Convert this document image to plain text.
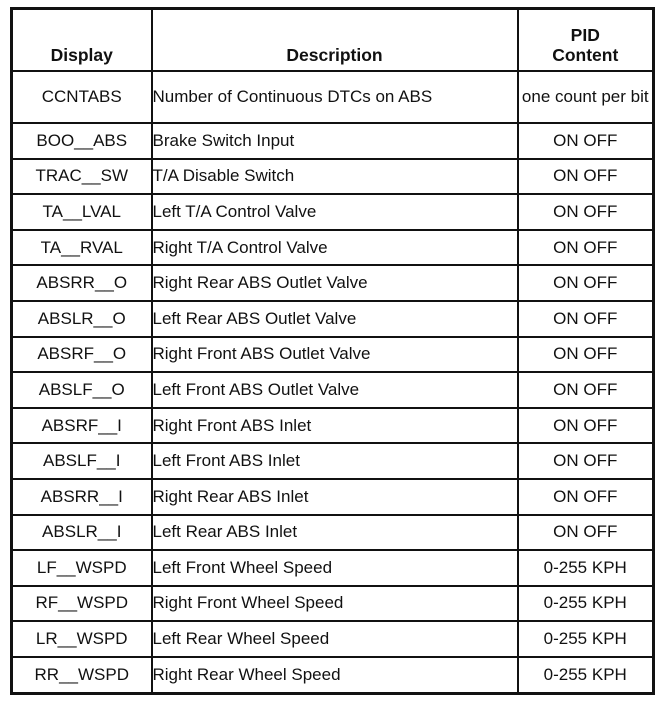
Display	Description	PID
Content
CCNTABS	Number of Continuous DTCs on ABS	one count per bit
BOO__ABS	Brake Switch Input	ON OFF
TRAC__SW	T/A Disable Switch	ON OFF
TA__LVAL	Left T/A Control Valve	ON OFF
TA__RVAL	Right T/A Control Valve	ON OFF
ABSRR__O	Right Rear ABS Outlet Valve	ON OFF
ABSLR__O	Left Rear ABS Outlet Valve	ON OFF
ABSRF__O	Right Front ABS Outlet Valve	ON OFF
ABSLF__O	Left Front ABS Outlet Valve	ON OFF
ABSRF__I	Right Front ABS Inlet	ON OFF
ABSLF__I	Left Front ABS Inlet	ON OFF
ABSRR__I	Right Rear ABS Inlet	ON OFF
ABSLR__I	Left Rear ABS Inlet	ON OFF
LF__WSPD	Left Front Wheel Speed	0-255 KPH
RF__WSPD	Right Front Wheel Speed	0-255 KPH
LR__WSPD	Left Rear Wheel Speed	0-255 KPH
RR__WSPD	Right Rear Wheel Speed	0-255 KPH
